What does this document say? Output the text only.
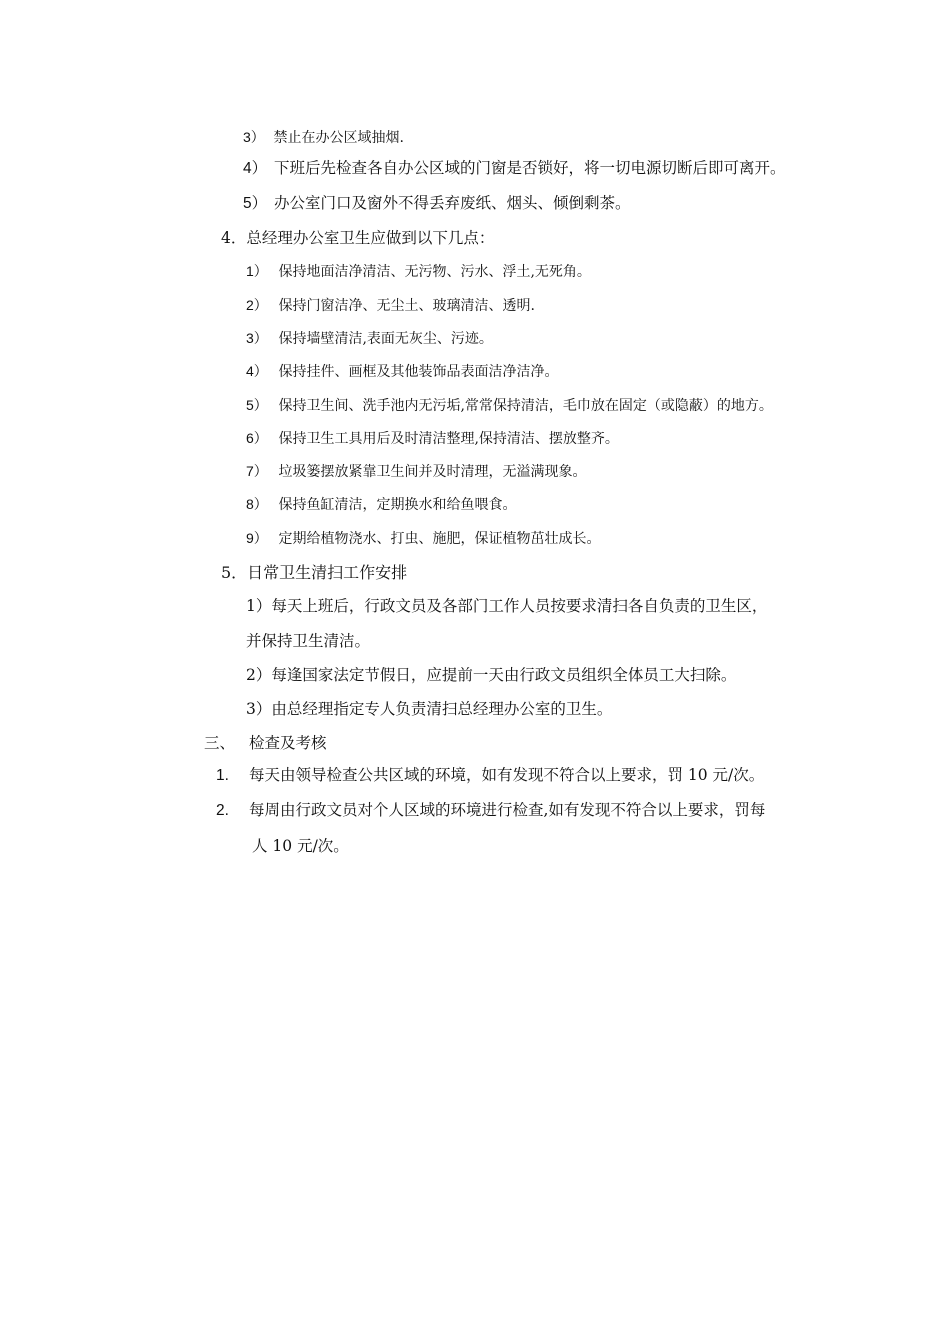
3） 禁止在办公区域抽烟.
4） 下班后先检查各自办公区域的门窗是否锁好，将一切电源切断后即可离开。
5） 办公室门口及窗外不得丢弃废纸、烟头、倾倒剩茶。
4．总经理办公室卫生应做到以下几点：
1） 保持地面洁净清洁、无污物、污水、浮土,无死角。
2） 保持门窗洁净、无尘土、玻璃清洁、透明.
3） 保持墙壁清洁,表面无灰尘、污迹。
4） 保持挂件、画框及其他装饰品表面洁净洁净。
5） 保持卫生间、洗手池内无污垢,常常保持清洁，毛巾放在固定（或隐蔽）的地方。
6） 保持卫生工具用后及时清洁整理,保持清洁、摆放整齐。
7） 垃圾篓摆放紧靠卫生间并及时清理，无溢满现象。
8） 保持鱼缸清洁，定期换水和给鱼喂食。
9） 定期给植物浇水、打虫、施肥，保证植物茁壮成长。
5．日常卫生清扫工作安排
1）每天上班后，行政文员及各部门工作人员按要求清扫各自负责的卫生区，
并保持卫生清洁。
2）每逢国家法定节假日，应提前一天由行政文员组织全体员工大扫除。
3）由总经理指定专人负责清扫总经理办公室的卫生。
三、 检查及考核
1. 每天由领导检查公共区域的环境，如有发现不符合以上要求，罚 10 元/次。
2. 每周由行政文员对个人区域的环境进行检查,如有发现不符合以上要求，罚每
人 10 元/次。
